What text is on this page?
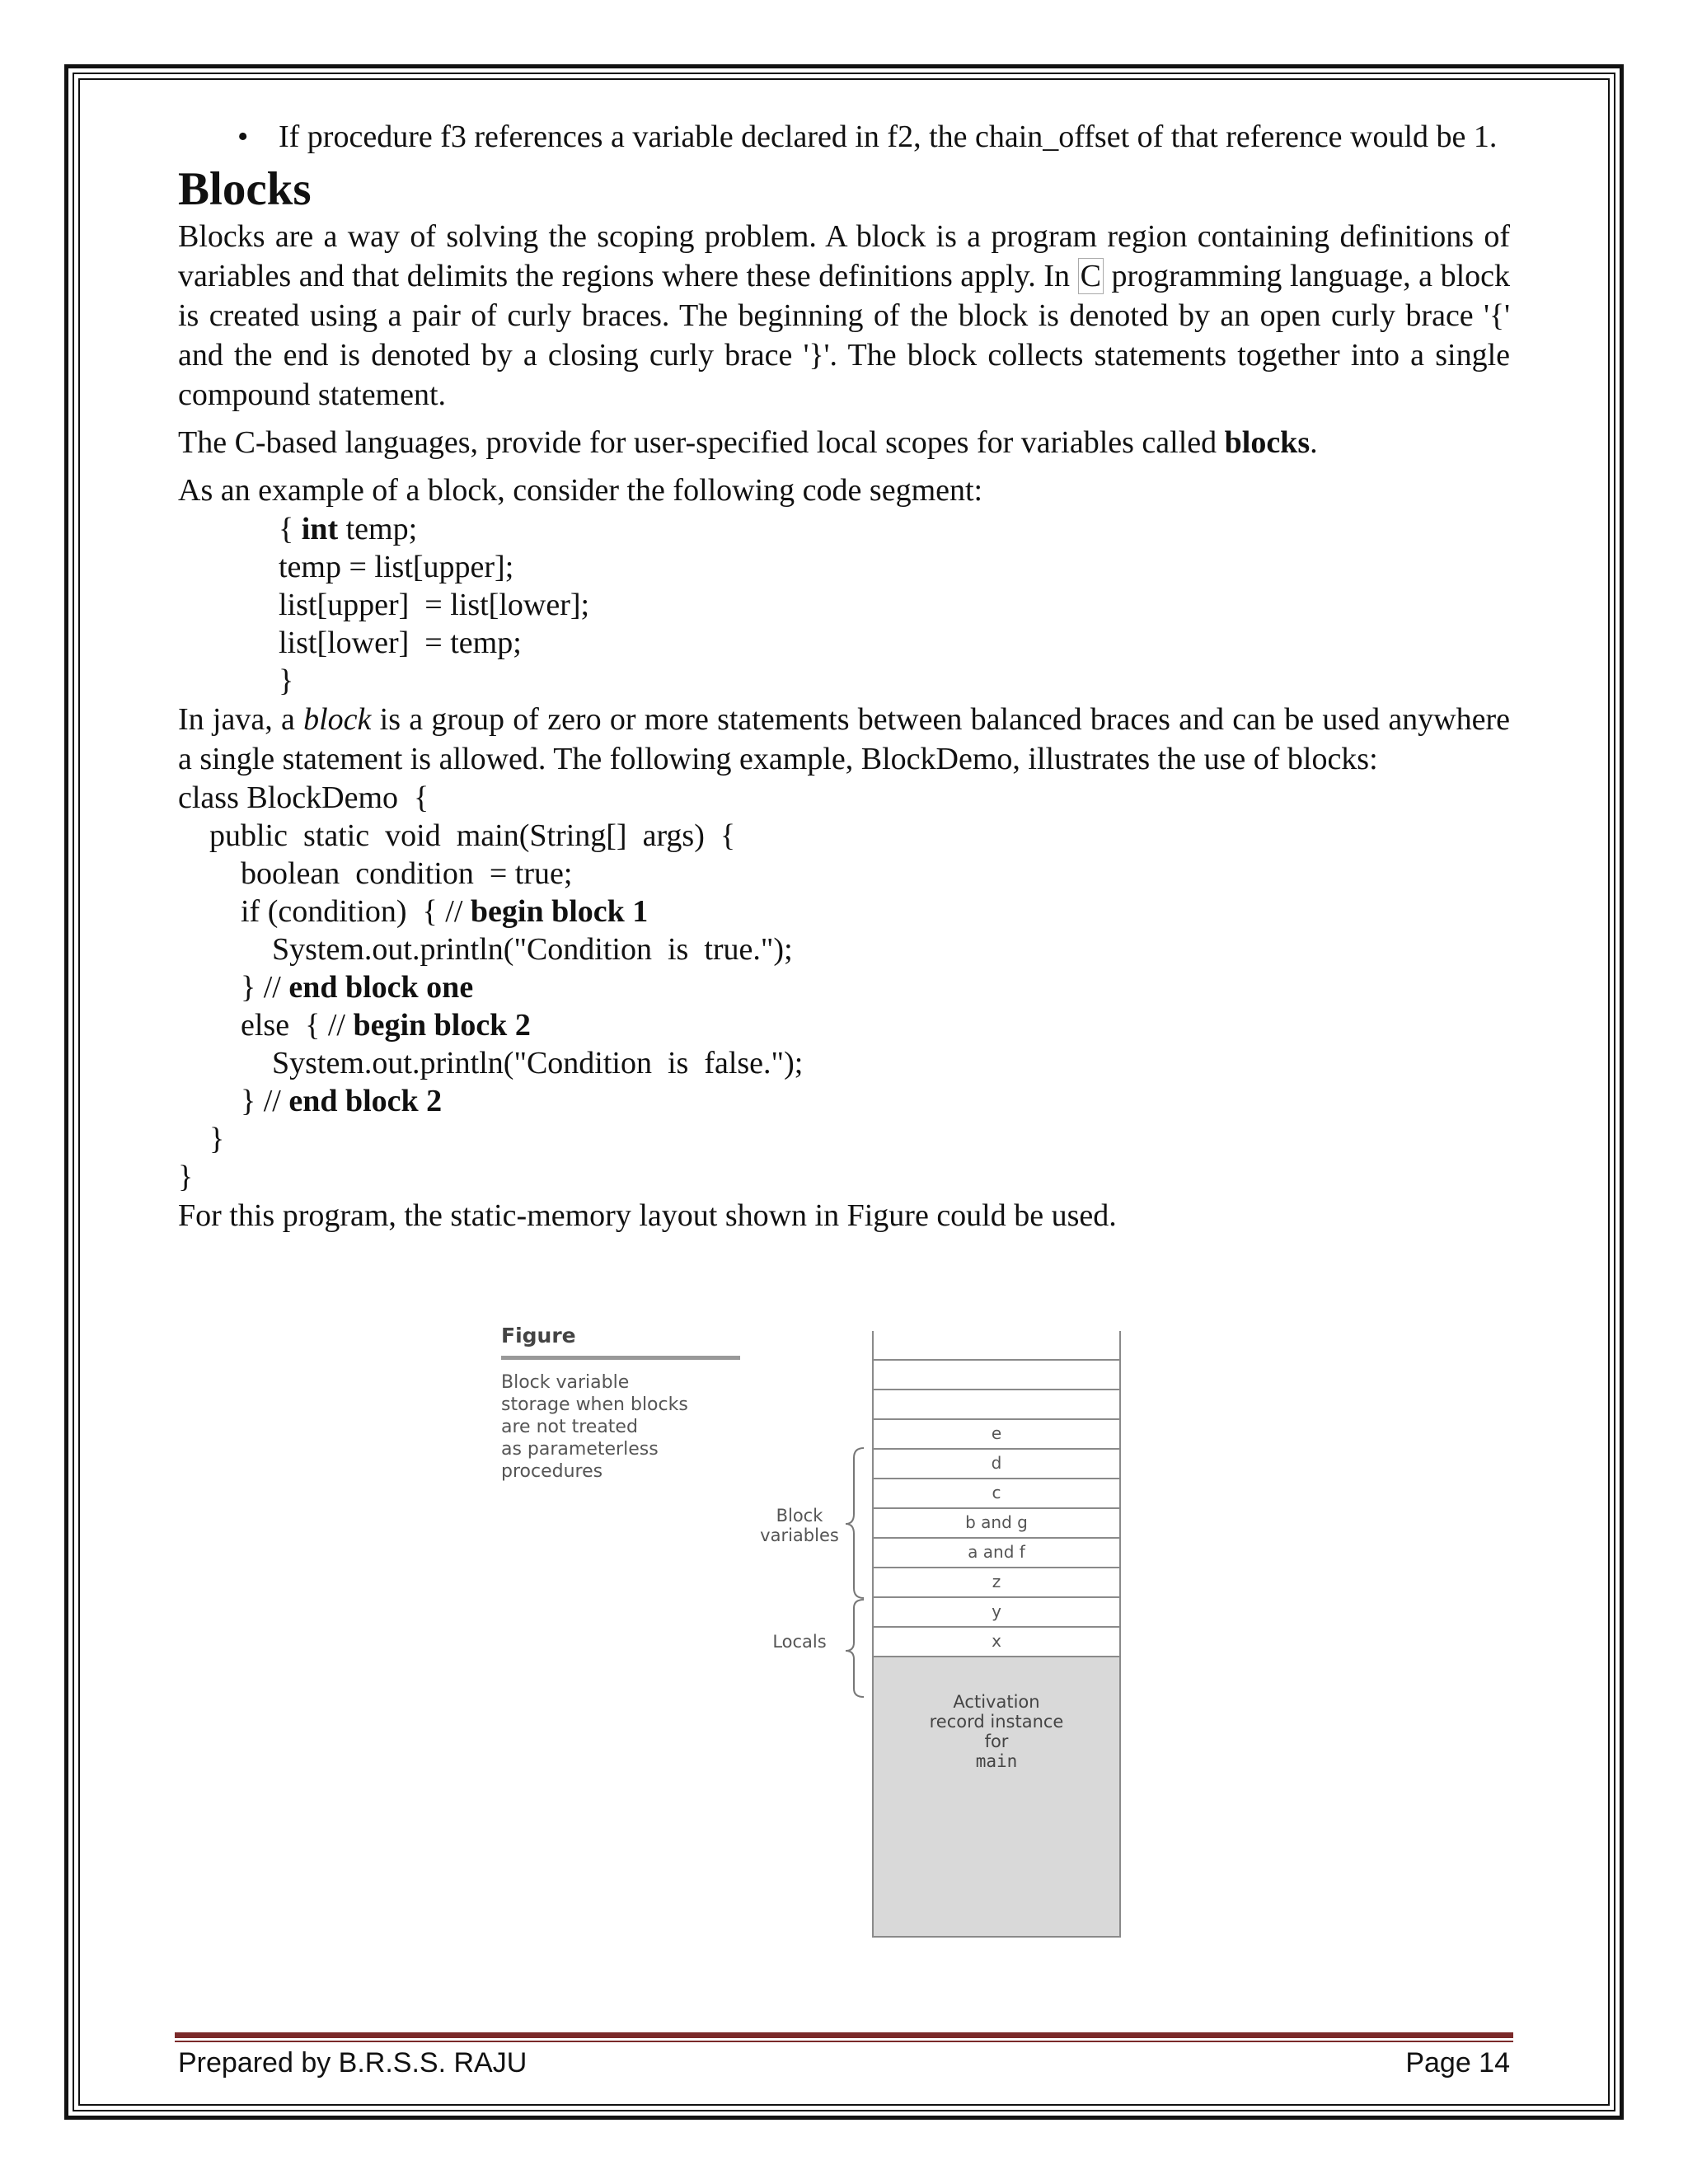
• If procedure f3 references a variable declared in f2, the chain_offset of that reference would be 1.
Blocks

Blocks are a way of solving the scoping problem. A block is a program region containing definitions of variables and that delimits the regions where these definitions apply. In C programming language, a block is created using a pair of curly braces. The beginning of the block is denoted by an open curly brace '{' and the end is denoted by a closing curly brace '}'. The block collects statements together into a single compound statement.

The C-based languages, provide for user-specified local scopes for variables called blocks.

As an example of a block, consider the following code segment:

{ int temp;
temp = list[upper];
list[upper]  = list[lower];
list[lower]  = temp;
}

In java, a block is a group of zero or more statements between balanced braces and can be used anywhere a single statement is allowed. The following example, BlockDemo, illustrates the use of blocks:

class BlockDemo  {
public  static  void  main(String[]  args)  {
boolean  condition  = true;
if (condition)  { // begin block 1
System.out.println("Condition  is  true.");
} // end block one
else  { // begin block 2
System.out.println("Condition  is  false.");
} // end block 2
}
}

For this program, the static-memory layout shown in Figure could be used.

Figure
Block variable
storage when blocks
are not treated
as parameterless
procedures
e
d
c
b and g
a and f
z
y
x
Activation
record instance
for
main
Block
variables
Locals
Prepared by B.R.S.S. RAJU	Page 14
